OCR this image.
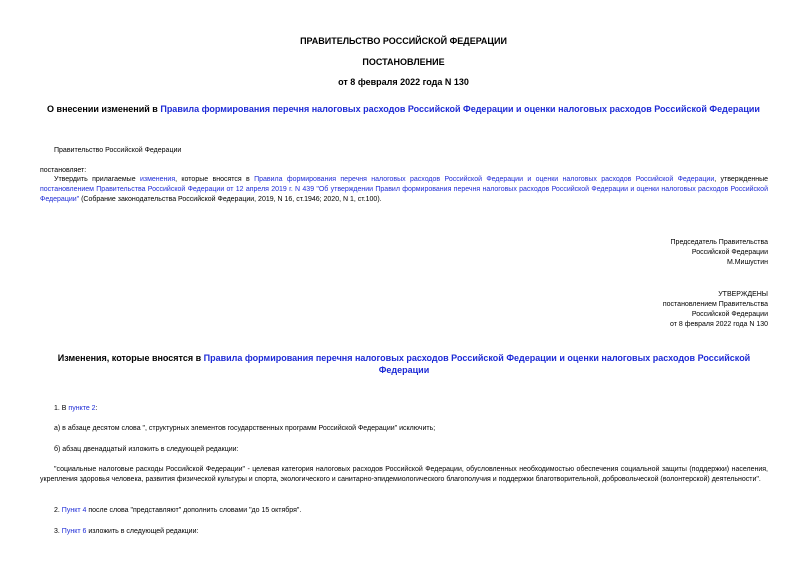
ПРАВИТЕЛЬСТВО РОССИЙСКОЙ ФЕДЕРАЦИИ
ПОСТАНОВЛЕНИЕ
от 8 февраля 2022 года N 130
О внесении изменений в Правила формирования перечня налоговых расходов Российской Федерации и оценки налоговых расходов Российской Федерации
Правительство Российской Федерации
постановляет:
Утвердить прилагаемые изменения, которые вносятся в Правила формирования перечня налоговых расходов Российской Федерации и оценки налоговых расходов Российской Федерации, утвержденные постановлением Правительства Российской Федерации от 12 апреля 2019 г. N 439 "Об утверждении Правил формирования перечня налоговых расходов Российской Федерации и оценки налоговых расходов Российской Федерации" (Собрание законодательства Российской Федерации, 2019, N 16, ст.1946; 2020, N 1, ст.100).
Председатель Правительства
Российской Федерации
М.Мишустин
УТВЕРЖДЕНЫ
постановлением Правительства
Российской Федерации
от 8 февраля 2022 года N 130
Изменения, которые вносятся в Правила формирования перечня налоговых расходов Российской Федерации и оценки налоговых расходов Российской Федерации
1. В пункте 2:
а) в абзаце десятом слова ", структурных элементов государственных программ Российской Федерации" исключить;
б) абзац двенадцатый изложить в следующей редакции:
"социальные налоговые расходы Российской Федерации" - целевая категория налоговых расходов Российской Федерации, обусловленных необходимостью обеспечения социальной защиты (поддержки) населения, укрепления здоровья человека, развития физической культуры и спорта, экологического и санитарно-эпидемиологического благополучия и поддержки благотворительной, добровольческой (волонтерской) деятельности".
2. Пункт 4 после слова "представляют" дополнить словами "до 15 октября".
3. Пункт 6 изложить в следующей редакции:
